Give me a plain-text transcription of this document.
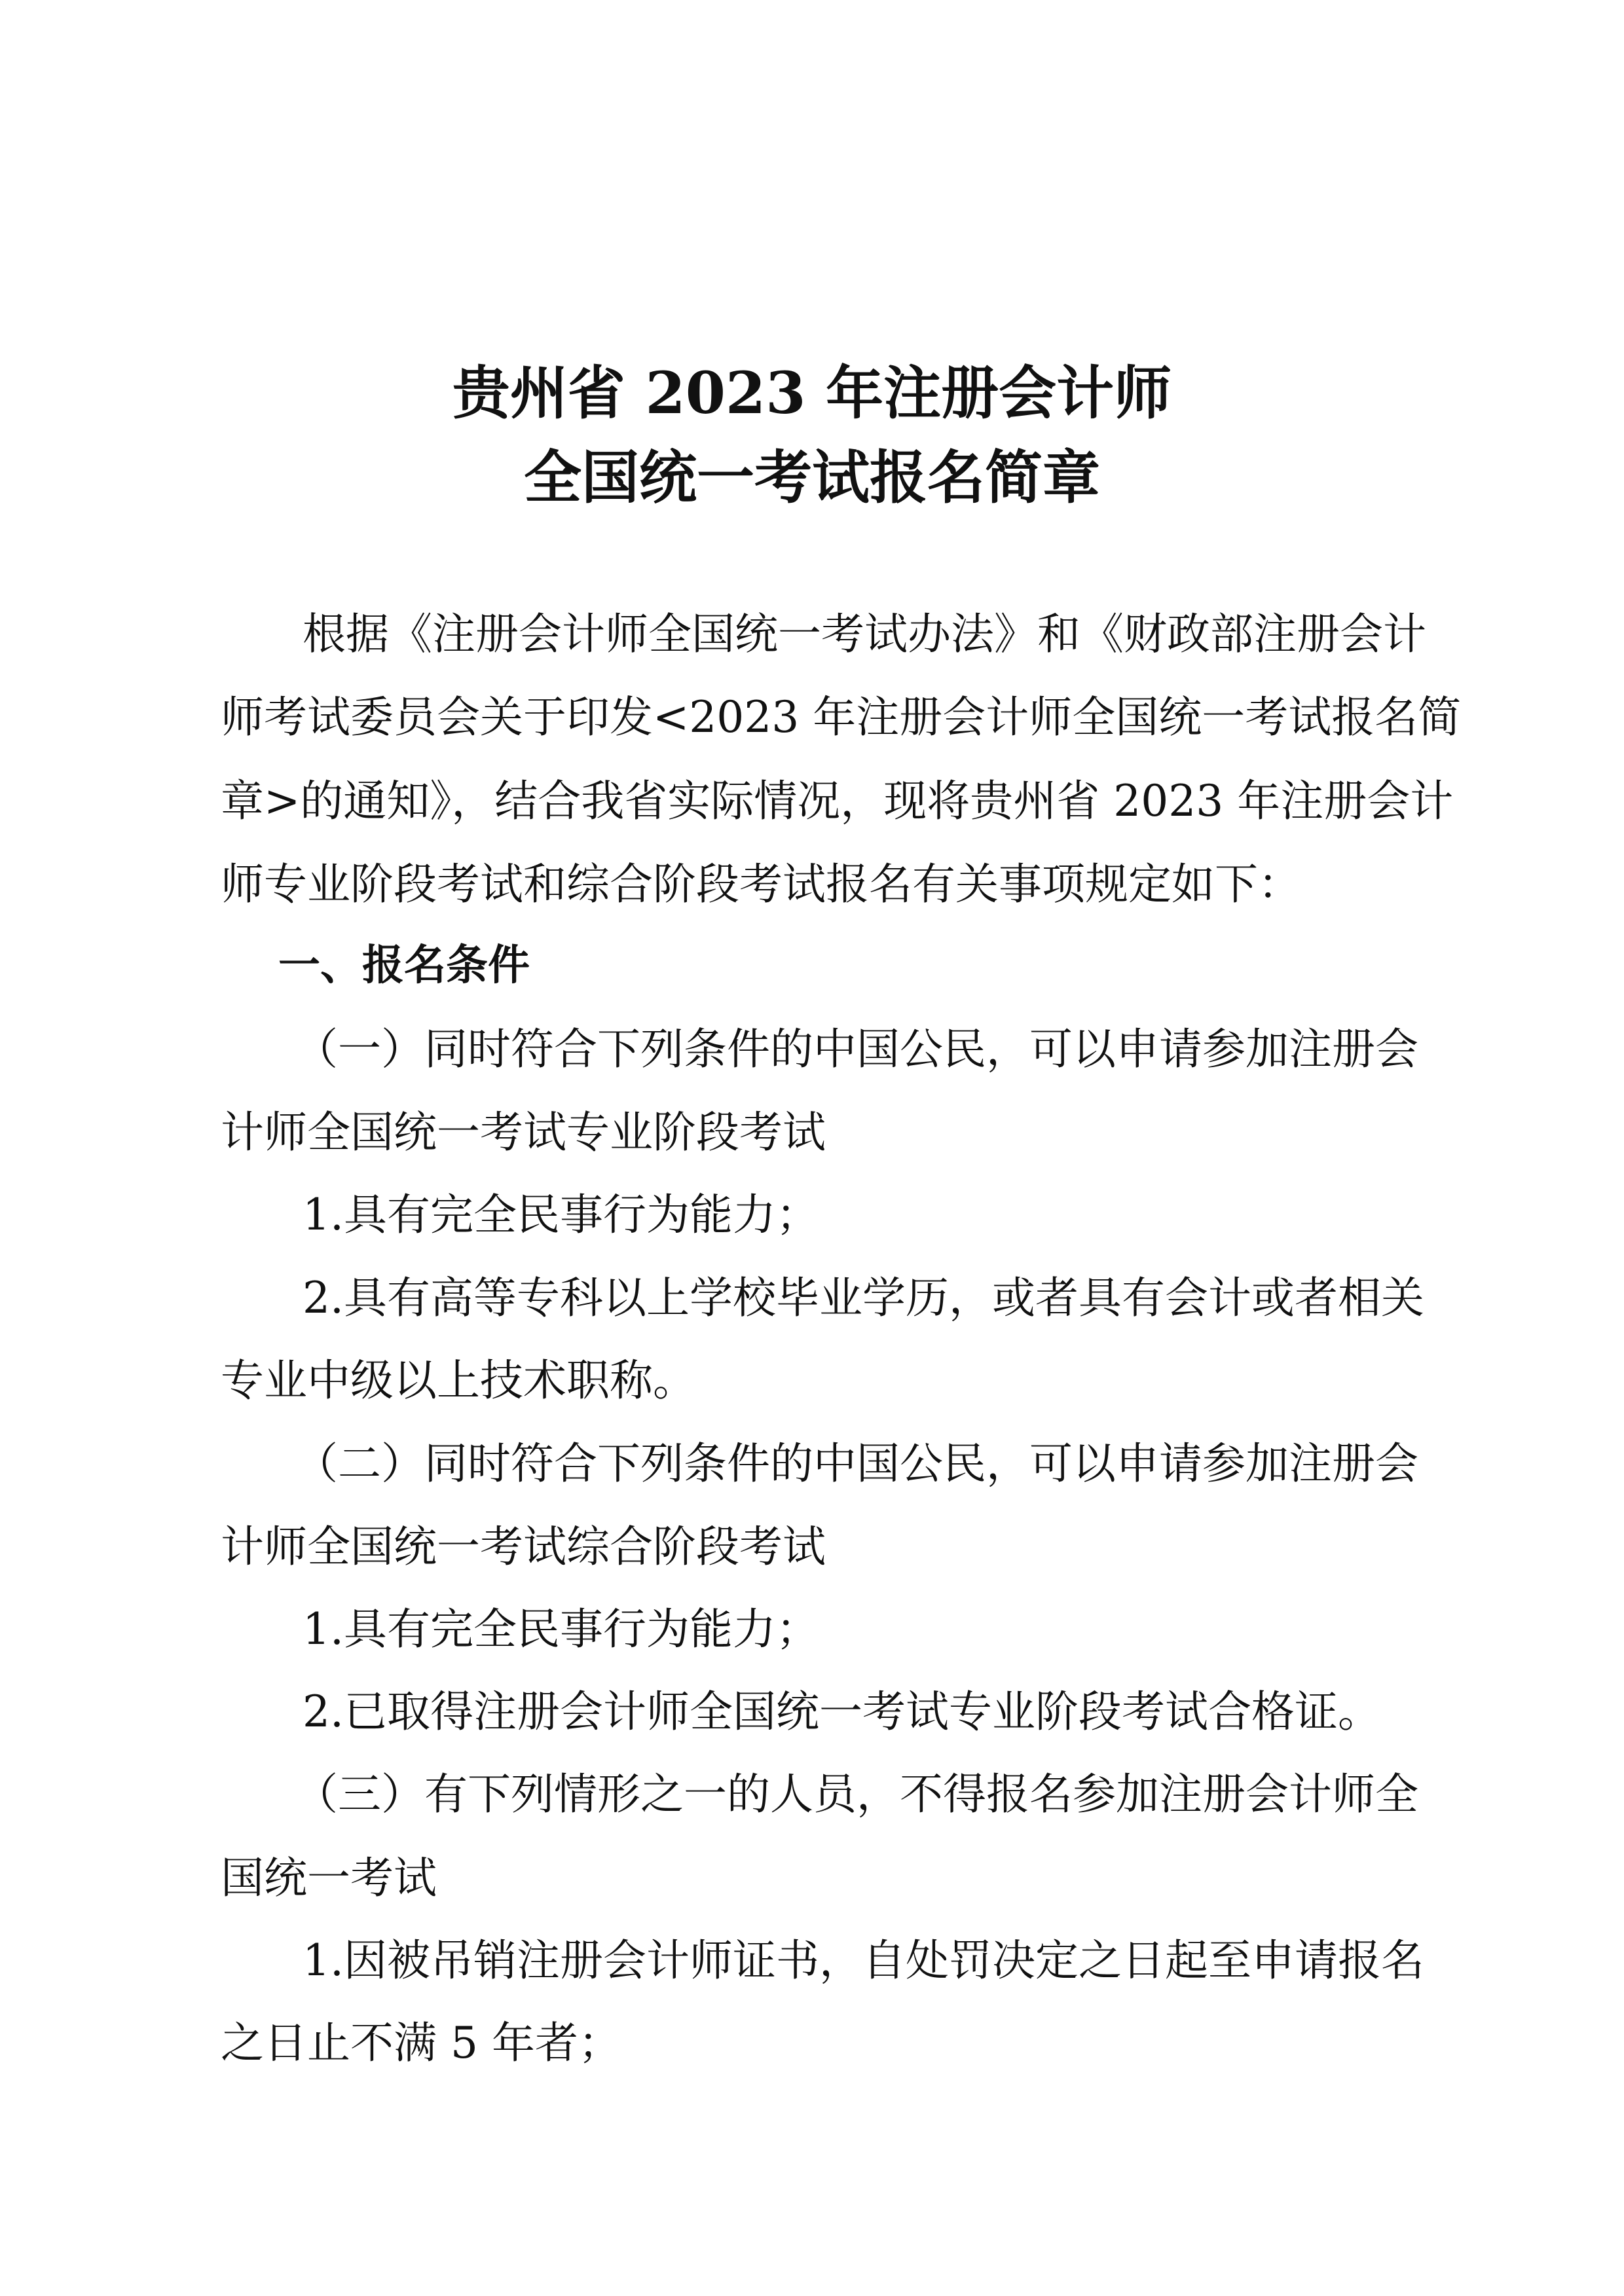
贵州省 2023 年注册会计师
全国统一考试报名简章
根据《注册会计师全国统一考试办法》和《财政部注册会计
师考试委员会关于印发<2023 年注册会计师全国统一考试报名简
章>的通知》，结合我省实际情况，现将贵州省 2023 年注册会计
师专业阶段考试和综合阶段考试报名有关事项规定如下：
一、报名条件
（一）同时符合下列条件的中国公民，可以申请参加注册会
计师全国统一考试专业阶段考试
1.具有完全民事行为能力；
2.具有高等专科以上学校毕业学历，或者具有会计或者相关
专业中级以上技术职称。
（二）同时符合下列条件的中国公民，可以申请参加注册会
计师全国统一考试综合阶段考试
1.具有完全民事行为能力；
2.已取得注册会计师全国统一考试专业阶段考试合格证。
（三）有下列情形之一的人员，不得报名参加注册会计师全
国统一考试
1.因被吊销注册会计师证书，自处罚决定之日起至申请报名
之日止不满 5 年者；
